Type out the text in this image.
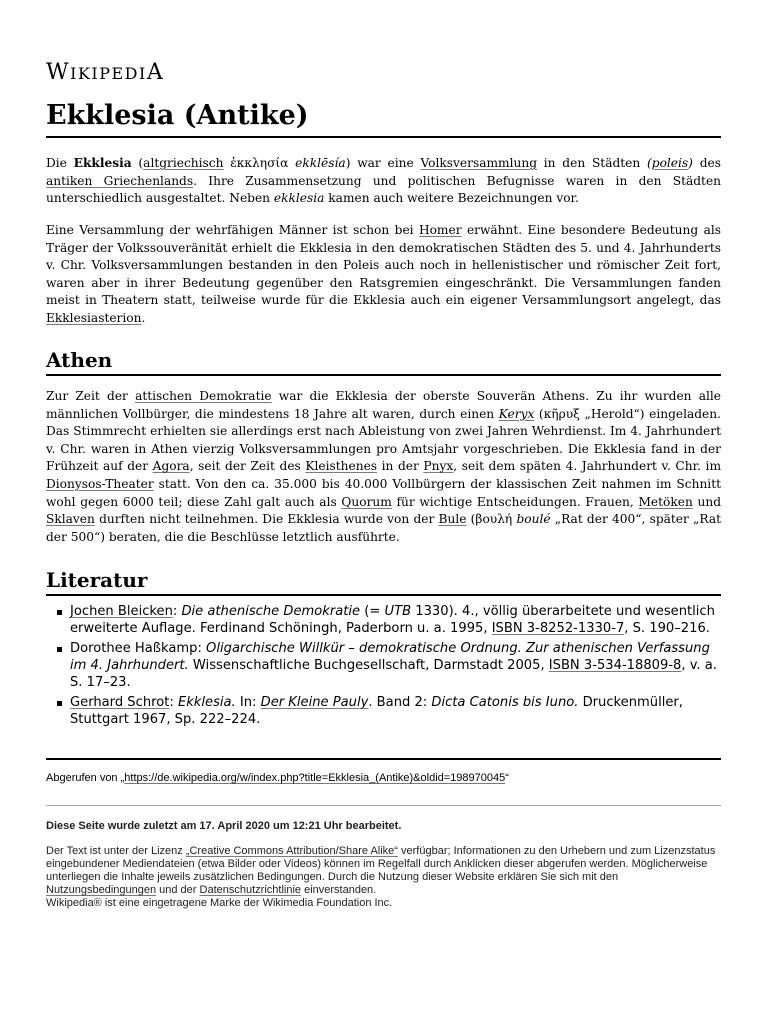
WIKIPEDIA
Ekklesia (Antike)

Die Ekklesia (altgriechisch ἐκκλησία ekklēsía) war eine Volksversammlung in den Städten (poleis) des antiken Griechenlands. Ihre Zusammensetzung und politischen Befugnisse waren in den Städten unterschiedlich ausgestaltet. Neben ekklesia kamen auch weitere Bezeichnungen vor.

Eine Versammlung der wehrfähigen Männer ist schon bei Homer erwähnt. Eine besondere Bedeutung als Träger der Volkssouveränität erhielt die Ekklesia in den demokratischen Städten des 5. und 4. Jahrhunderts v. Chr. Volksversammlungen bestanden in den Poleis auch noch in hellenistischer und römischer Zeit fort, waren aber in ihrer Bedeutung gegenüber den Ratsgremien eingeschränkt. Die Versammlungen fanden meist in Theatern statt, teilweise wurde für die Ekklesia auch ein eigener Versammlungsort angelegt, das Ekklesiasterion.

Athen

Zur Zeit der attischen Demokratie war die Ekklesia der oberste Souverän Athens. Zu ihr wurden alle männlichen Vollbürger, die mindestens 18 Jahre alt waren, durch einen Keryx (κῆρυξ „Herold“) eingeladen. Das Stimmrecht erhielten sie allerdings erst nach Ableistung von zwei Jahren Wehrdienst. Im 4. Jahrhundert v. Chr. waren in Athen vierzig Volksversammlungen pro Amtsjahr vorgeschrieben. Die Ekklesia fand in der Frühzeit auf der Agora, seit der Zeit des Kleisthenes in der Pnyx, seit dem späten 4. Jahrhundert v. Chr. im Dionysos-Theater statt. Von den ca. 35.000 bis 40.000 Vollbürgern der klassischen Zeit nahmen im Schnitt wohl gegen 6000 teil; diese Zahl galt auch als Quorum für wichtige Entscheidungen. Frauen, Metöken und Sklaven durften nicht teilnehmen. Die Ekklesia wurde von der Bule (βουλή boulé „Rat der 400“, später „Rat der 500“) beraten, die die Beschlüsse letztlich ausführte.

Literatur
Jochen Bleicken: Die athenische Demokratie (= UTB 1330). 4., völlig überarbeitete und wesentlich erweiterte Auflage. Ferdinand Schöningh, Paderborn u. a. 1995, ISBN 3-8252-1330-7, S. 190–216.
Dorothee Haßkamp: Oligarchische Willkür – demokratische Ordnung. Zur athenischen Verfassung im 4. Jahrhundert. Wissenschaftliche Buchgesellschaft, Darmstadt 2005, ISBN 3-534-18809-8, v. a. S. 17–23.
Gerhard Schrot: Ekklesia. In: Der Kleine Pauly. Band 2: Dicta Catonis bis Iuno. Druckenmüller, Stuttgart 1967, Sp. 222–224.
Abgerufen von „https://de.wikipedia.org/w/index.php?title=Ekklesia_(Antike)&oldid=198970045“
Diese Seite wurde zuletzt am 17. April 2020 um 12:21 Uhr bearbeitet.

Der Text ist unter der Lizenz „Creative Commons Attribution/Share Alike“ verfügbar; Informationen zu den Urhebern und zum Lizenzstatus eingebundener Mediendateien (etwa Bilder oder Videos) können im Regelfall durch Anklicken dieser abgerufen werden. Möglicherweise unterliegen die Inhalte jeweils zusätzlichen Bedingungen. Durch die Nutzung dieser Website erklären Sie sich mit den Nutzungsbedingungen und der Datenschutzrichtlinie einverstanden.

Wikipedia® ist eine eingetragene Marke der Wikimedia Foundation Inc.
